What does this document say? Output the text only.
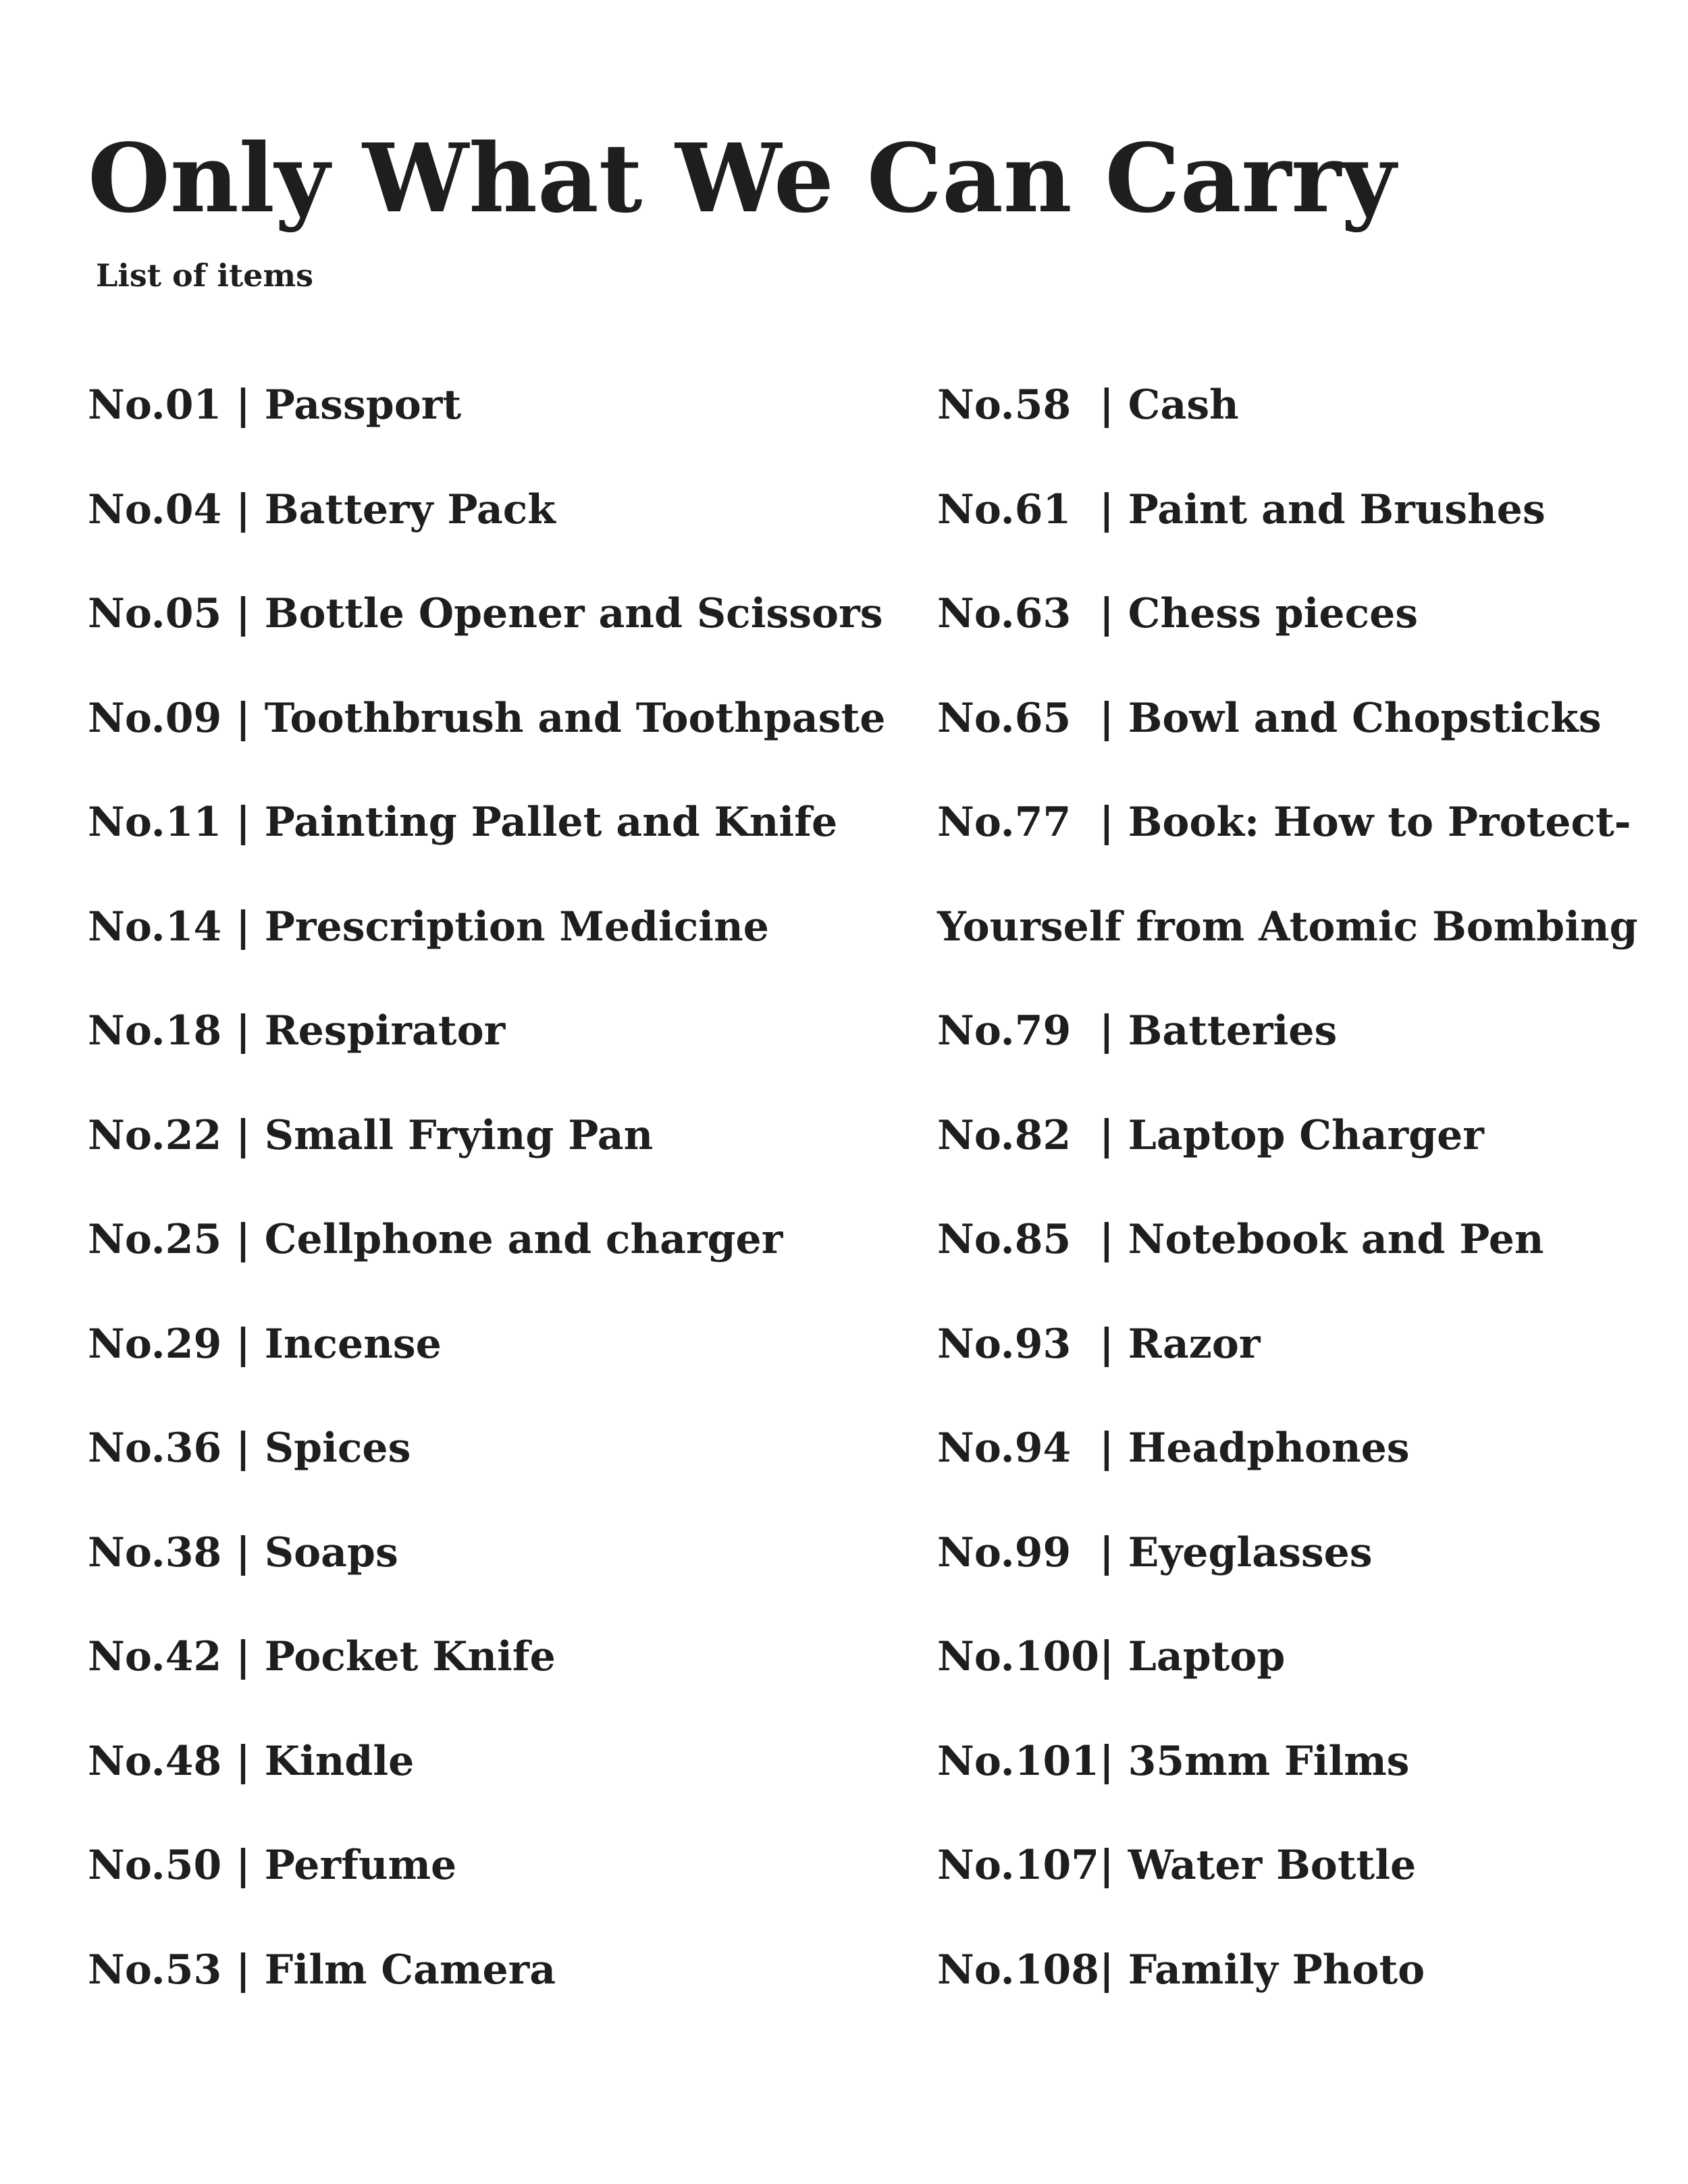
Only What We Can Carry
List of items
No.01 | Passport
No.04 | Battery Pack
No.05 | Bottle Opener and Scissors
No.09 | Toothbrush and Toothpaste
No.11 | Painting Pallet and Knife
No.14 | Prescription Medicine
No.18 | Respirator
No.22 | Small Frying Pan
No.25 | Cellphone and charger
No.29 | Incense
No.36 | Spices
No.38 | Soaps
No.42 | Pocket Knife
No.48 | Kindle
No.50 | Perfume
No.53 | Film Camera
No.58  | Cash
No.61  | Paint and Brushes
No.63  | Chess pieces
No.65  | Bowl and Chopsticks
No.77  | Book: How to Protect-
Yourself from Atomic Bombing
No.79  | Batteries
No.82  | Laptop Charger
No.85  | Notebook and Pen
No.93  | Razor
No.94  | Headphones
No.99  | Eyeglasses
No.100| Laptop
No.101| 35mm Films
No.107| Water Bottle
No.108| Family Photo
